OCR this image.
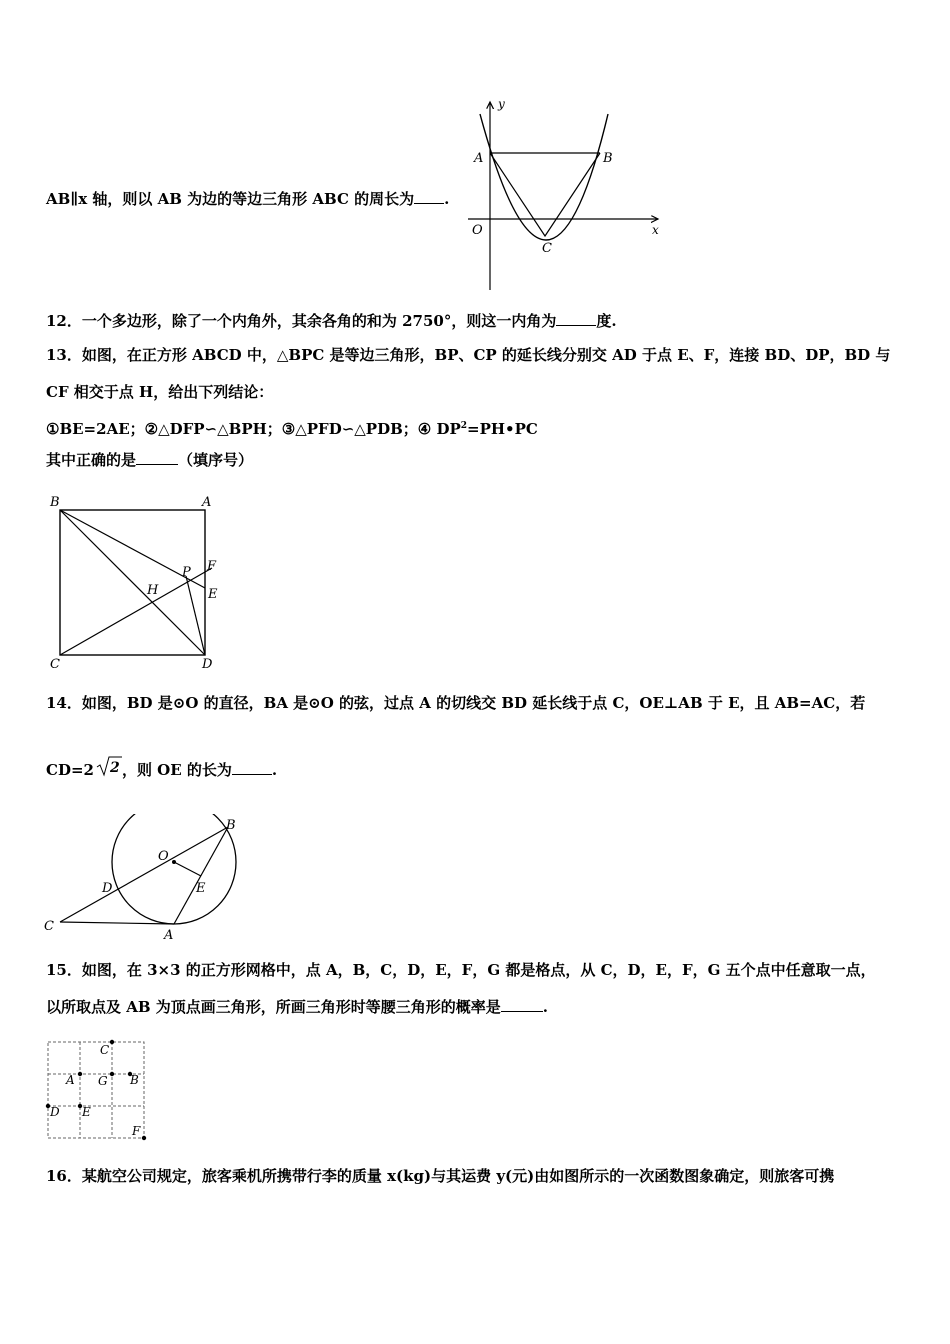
AB∥x 轴，则以 AB 为边的等边三角形 ABC 的周长为 .
y
x
O
A	B
C
12．一个多边形，除了一个内角外，其余各角的和为 2750°，则这一内角为	度.
13．如图，在正方形 ABCD 中，△BPC 是等边三角形，BP、CP 的延长线分别交 AD 于点 E、F，连接 BD、DP，BD 与
CF 相交于点 H，给出下列结论：
①BE=2AE；②△DFP∽△BPH；③△PFD∽△PDB；④ $DP^2=PH•PC$
其中正确的是	（填序号）
B	A
C	D
P F
H	E
14．如图，BD 是⊙O 的直径，BA 是⊙O 的弦，过点 A 的切线交 BD 延长线于点 C，OE⊥AB 于 E，且 AB=AC，若
CD=2 2 ，则 OE 的长为	.
B
O
D	E
C
A
15．如图，在 3×3 的正方形网格中，点 A，B，C，D，E，F，G 都是格点，从 C，D，E，F，G 五个点中任意取一点，
以所取点及 AB 为顶点画三角形，所画三角形时等腰三角形的概率是	.
C
A G B
D E
F
16．某航空公司规定，旅客乘机所携带行李的质量 x(kg)与其运费 y(元)由如图所示的一次函数图象确定，则旅客可携
